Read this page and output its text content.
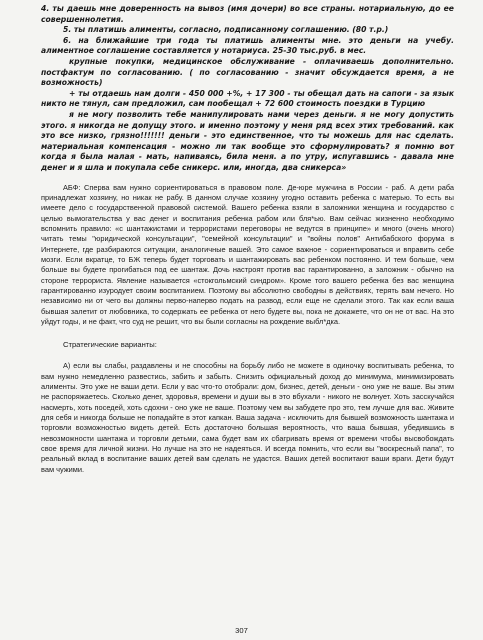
4. ты даешь мне доверенность на вывоз (имя дочери) во все страны. нотариальную, до ее совершеннолетия.

5. ты платишь алименты, согласно, подписанному соглашению. (80 т.р.)

6. на ближайшие три года ты платишь алименты мне. это деньги на учебу. алиментное соглашение составляется у нотариуса. 25-30 тыс.руб. в мес.

крупные покупки, медицинское обслуживание - оплачиваешь дополнительно. постфактум по согласованию. ( по согласованию - значит обсуждается время, а не возможность)

+ ты отдаешь нам долги - 450 000 +%, + 17 300 - ты обещал дать на сапоги - за язык никто не тянул, сам предложил, сам пообещал + 72 600 стоимость поездки в Турцию

я не могу позволить тебе манипулировать нами через деньги. я не могу допустить этого. я никогда не допущу этого. и именно поэтому у меня ряд всех этих требований. как это все низко, грязно!!!!!!! деньги - это единственное, что ты можешь для нас сделать. материальная компенсация - можно ли так вообще это сформулировать? я помню вот когда я была малая - мать, напиваясь, била меня. а по утру, испугавшись - давала мне денег и я шла и покупала себе сникерс. или, иногда, два сникерса»

АБФ: Сперва вам нужно сориентироваться в правовом поле. Де-юре мужчина в России - раб. А дети раба принадлежат хозяину, но никак не рабу. В данном случае хозяину угодно оставить ребенка с матерью. То есть вы имеете дело с государственной правовой системой. Вашего ребенка взяли в заложники женщина и государство с целью вымогательства у вас денег и воспитания ребенка рабом или бля*ью. Вам сейчас жизненно необходимо вспомнить правило: «с шантажистами и террористами переговоры не ведутся в принципе» и много (очень много) читать темы "юридической консультации", "семейной консультации" и "войны полов" Антибабского форума в Интернете, где разбираются ситуации, аналогичные вашей. Это самое важное - сориентироваться и вправить себе мозги. Если вкратце, то БЖ теперь будет торговать и шантажировать вас ребенком постоянно. И тем больше, чем больше вы будете прогибаться под ее шантаж. Дочь настроят против вас гарантированно, а заложник - обычно на стороне террориста. Явление называется «стокгольмский синдром». Кроме того вашего ребенка без вас женщина гарантированно изуродует своим воспитанием. Поэтому вы абсолютно свободны в действиях, терять вам нечего. Но независимо ни от чего вы должны перво-наперво подать на развод, если еще не сделали этого. Так как если ваша бывшая залетит от любовника, то содержать ее ребенка от него будете вы, пока не докажете, что он не от вас. На это уйдут годы, и не факт, что суд не решит, что вы были согласны на рождение выбл*дка.

Стратегические варианты:

А) если вы слабы, раздавлены и не способны на борьбу либо не можете в одиночку воспитывать ребенка, то вам нужно немедленно развестись, забить и забыть. Снизить официальный доход до минимума, минимизировать алименты. Это уже не ваши дети. Если у вас что-то отобрали: дом, бизнес, детей, деньги - оно уже не ваше. Вы этим не распоряжаетесь. Сколько денег, здоровья, времени и души вы в это вбухали - никого не волнует. Хоть засскучайся насмерть, хоть поседей, хоть сдохни - оно уже не ваше. Поэтому чем вы забудете про это, тем лучше для вас. Живите для себя и никогда больше не попадайте в этот капкан. Ваша задача - исключить для бывшей возможность шантажа и торговли возможностью видеть детей. Есть достаточно большая вероятность, что ваша бывшая, убедившись в невозможности шантажа и торговли детьми, сама будет вам их сбагривать время от времени чтобы высвобождать свое время для личной жизни. Но лучше на это не надеяться. И всегда помнить, что если вы "воскресный папа", то реальный вклад в воспитание ваших детей вам сделать не удастся. Ваших детей воспитают ваши враги. Дети будут вам чужими.

307
